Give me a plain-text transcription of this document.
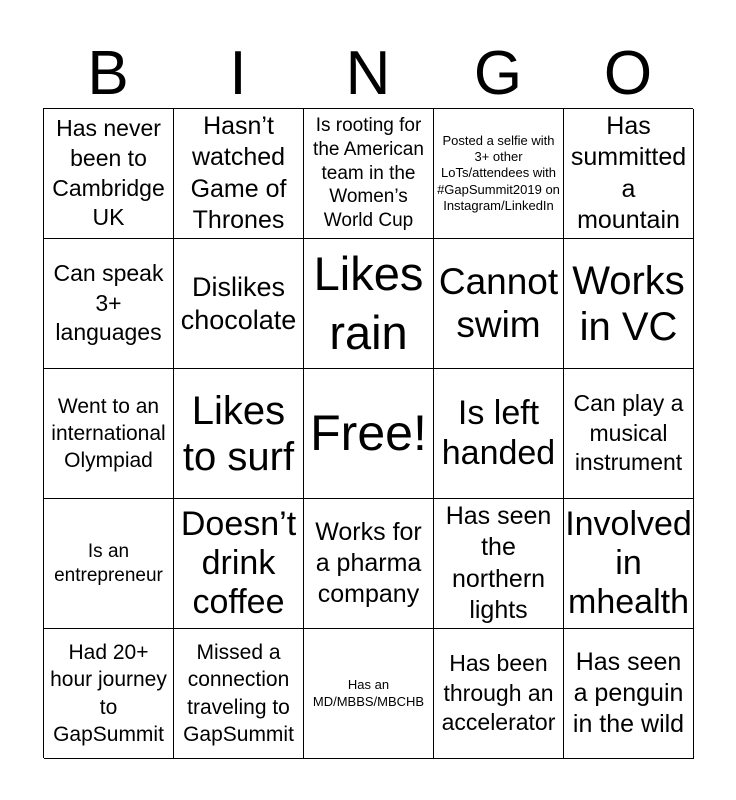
B	I	N	G	O
Has never been to Cambridge UK
Hasn’t watched Game of Thrones
Is rooting for the American team in the Women’s World Cup
Posted a selfie with 3+ other LoTs/attendees with #GapSummit2019 on Instagram/LinkedIn
Has summitted a mountain
Can speak 3+ languages
Dislikes chocolate
Likes rain
Cannot swim
Works in VC
Went to an international Olympiad
Likes to surf Free! Is left handed
Can play a musical instrument
Is an entrepreneur
Doesn’t drink coffee
Works for a pharma company
Has seen the northern lights
Involved in mhealth
Had 20+ hour journey to GapSummit
Missed a connection traveling to GapSummit
Has an MD/MBBS/MBCHB
Has been through an accelerator
Has seen a penguin in the wild
